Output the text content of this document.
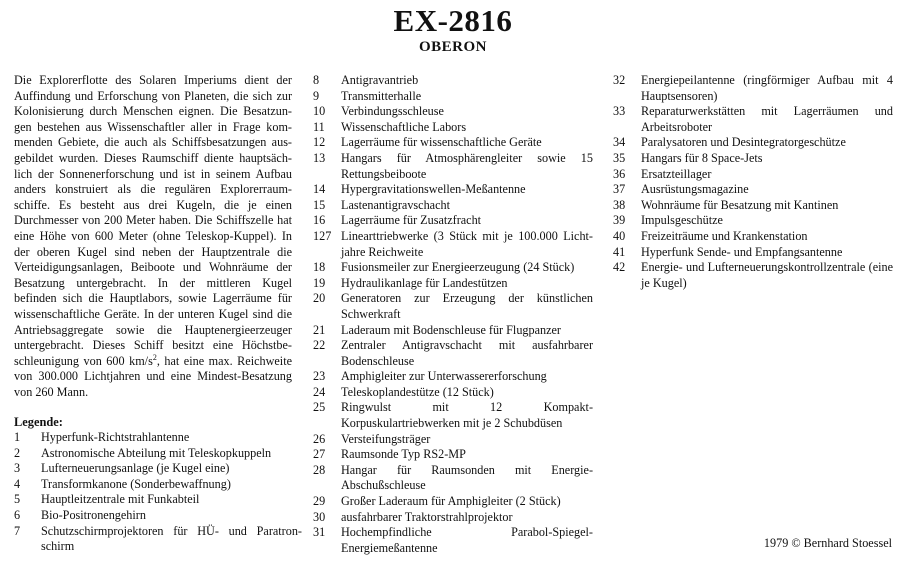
EX-2816
OBERON
Die Explorerflotte des Solaren Imperiums dient der Auffindung und Erforschung von Planeten, die sich zur Kolonisierung durch Menschen eignen. Die Besatzun-gen bestehen aus Wissenschaftler aller in Frage kom-menden Gebiete, die auch als Schiffsbesatzungen aus-gebildet wurden. Dieses Raumschiff diente hauptsäch-lich der Sonnenerforschung und ist in seinem Aufbau anders konstruiert als die regulären Explorerraum-schiffe. Es besteht aus drei Kugeln, die je einen Durchmesser von 200 Meter haben. Die Schiffszelle hat eine Höhe von 600 Meter (ohne Teleskop-Kuppel). In der oberen Kugel sind neben der Hauptzentrale die Verteidigungsanlagen, Beiboote und Wohnräume der Besatzung untergebracht. In der mittleren Kugel befinden sich die Hauptlabors, sowie Lagerräume für wissenschaftliche Geräte. In der unteren Kugel sind die Antriebsaggregate sowie die Hauptenergieerzeuger untergebracht. Dieses Schiff besitzt eine Höchstbe-schleunigung von 600 $km/s^2$, hat eine max. Reichweite von 300.000 Lichtjahren und eine Mindest-Besatzung von 260 Mann.
Legende:
1	Hyperfunk-Richtstrahlantenne
2	Astronomische Abteilung mit Teleskopkuppeln
3	Lufterneuerungsanlage (je Kugel eine)
4	Transformkanone (Sonderbewaffnung)
5	Hauptleitzentrale mit Funkabteil
6	Bio-Positronengehirn
7	Schutzschirmprojektoren für HÜ- und Paratron-schirm
8	Antigravantrieb
9	Transmitterhalle
10	Verbindungsschleuse
11	Wissenschaftliche Labors
12	Lagerräume für wissenschaftliche Geräte
13	Hangars für Atmosphärengleiter sowie 15 Rettungsbeiboote
14	Hypergravitationswellen-Meßantenne
15	Lastenantigravschacht
16	Lagerräume für Zusatzfracht
127 Linearttriebwerke (3 Stück mit je 100.000 Licht-jahre Reichweite
18	Fusionsmeiler zur Energieerzeugung (24 Stück)
19	Hydraulikanlage für Landestützen
20	Generatoren zur Erzeugung der künstlichen Schwerkraft
21	Laderaum mit Bodenschleuse für Flugpanzer
22	Zentraler Antigravschacht mit ausfahrbarer Bodenschleuse
23	Amphigleiter zur Unterwassererforschung
24	Teleskoplandestütze (12 Stück)
25	Ringwulst mit 12 Kompakt-Korpuskulartriebwerken mit je 2 Schubdüsen
26	Versteifungsträger
27	Raumsonde Typ RS2-MP
28	Hangar für Raumsonden mit Energie-Abschußschleuse
29	Großer Laderaum für Amphigleiter (2 Stück)
30	ausfahrbarer Traktorstrahlprojektor
31	Hochempfindliche Parabol-Spiegel-Energiemeßantenne
32	Energiepeilantenne (ringförmiger Aufbau mit 4 Hauptsensoren)
33	Reparaturwerkstätten mit Lagerräumen und Arbeitsroboter
34	Paralysatoren und Desintegratorgeschütze
35	Hangars für 8 Space-Jets
36	Ersatzteillager
37	Ausrüstungsmagazine
38	Wohnräume für Besatzung mit Kantinen
39	Impulsgeschütze
40	Freizeiträume und Krankenstation
41	Hyperfunk Sende- und Empfangsantenne
42	Energie- und Lufterneuerungskontrollzentrale (eine je Kugel)
1979 © Bernhard Stoessel
